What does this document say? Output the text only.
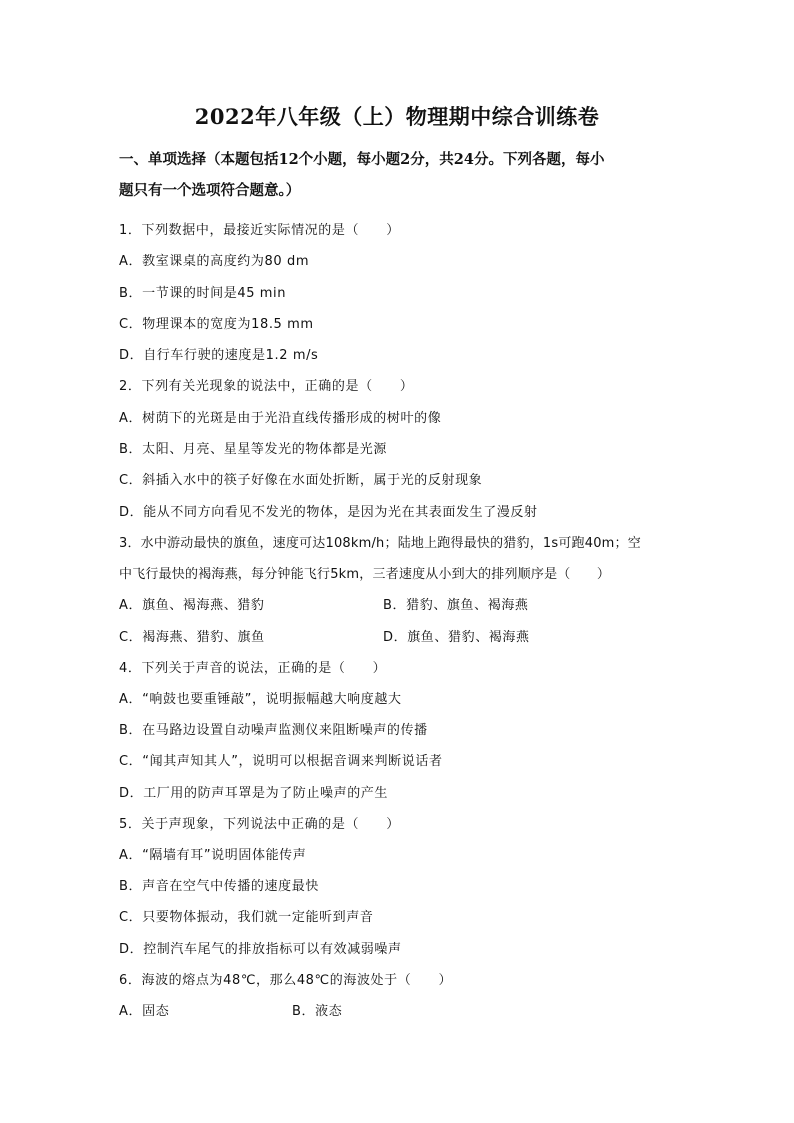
2022年八年级（上）物理期中综合训练卷
一、单项选择（本题包括12个小题，每小题2分，共24分。下列各题，每小
题只有一个选项符合题意。）
1．下列数据中，最接近实际情况的是（　　）
A．教室课桌的高度约为80 dm
B．一节课的时间是45 min
C．物理课本的宽度为18.5 mm
D．自行车行驶的速度是1.2 m/s
2．下列有关光现象的说法中，正确的是（　　）
A．树荫下的光斑是由于光沿直线传播形成的树叶的像
B．太阳、月亮、星星等发光的物体都是光源
C．斜插入水中的筷子好像在水面处折断，属于光的反射现象
D．能从不同方向看见不发光的物体，是因为光在其表面发生了漫反射
3．水中游动最快的旗鱼，速度可达108km/h；陆地上跑得最快的猎豹，1s可跑40m；空
中飞行最快的褐海燕，每分钟能飞行5km，三者速度从小到大的排列顺序是（　　）
A．旗鱼、褐海燕、猎豹	B．猎豹、旗鱼、褐海燕
C．褐海燕、猎豹、旗鱼	D．旗鱼、猎豹、褐海燕
4．下列关于声音的说法，正确的是（　　）
A．“响鼓也要重锤敲”，说明振幅越大响度越大
B．在马路边设置自动噪声监测仪来阻断噪声的传播
C．“闻其声知其人”，说明可以根据音调来判断说话者
D．工厂用的防声耳罩是为了防止噪声的产生
5．关于声现象，下列说法中正确的是（　　）
A．“隔墙有耳”说明固体能传声
B．声音在空气中传播的速度最快
C．只要物体振动，我们就一定能听到声音
D．控制汽车尾气的排放指标可以有效减弱噪声
6．海波的熔点为48℃，那么48℃的海波处于（　　）
A．固态	B．液态
